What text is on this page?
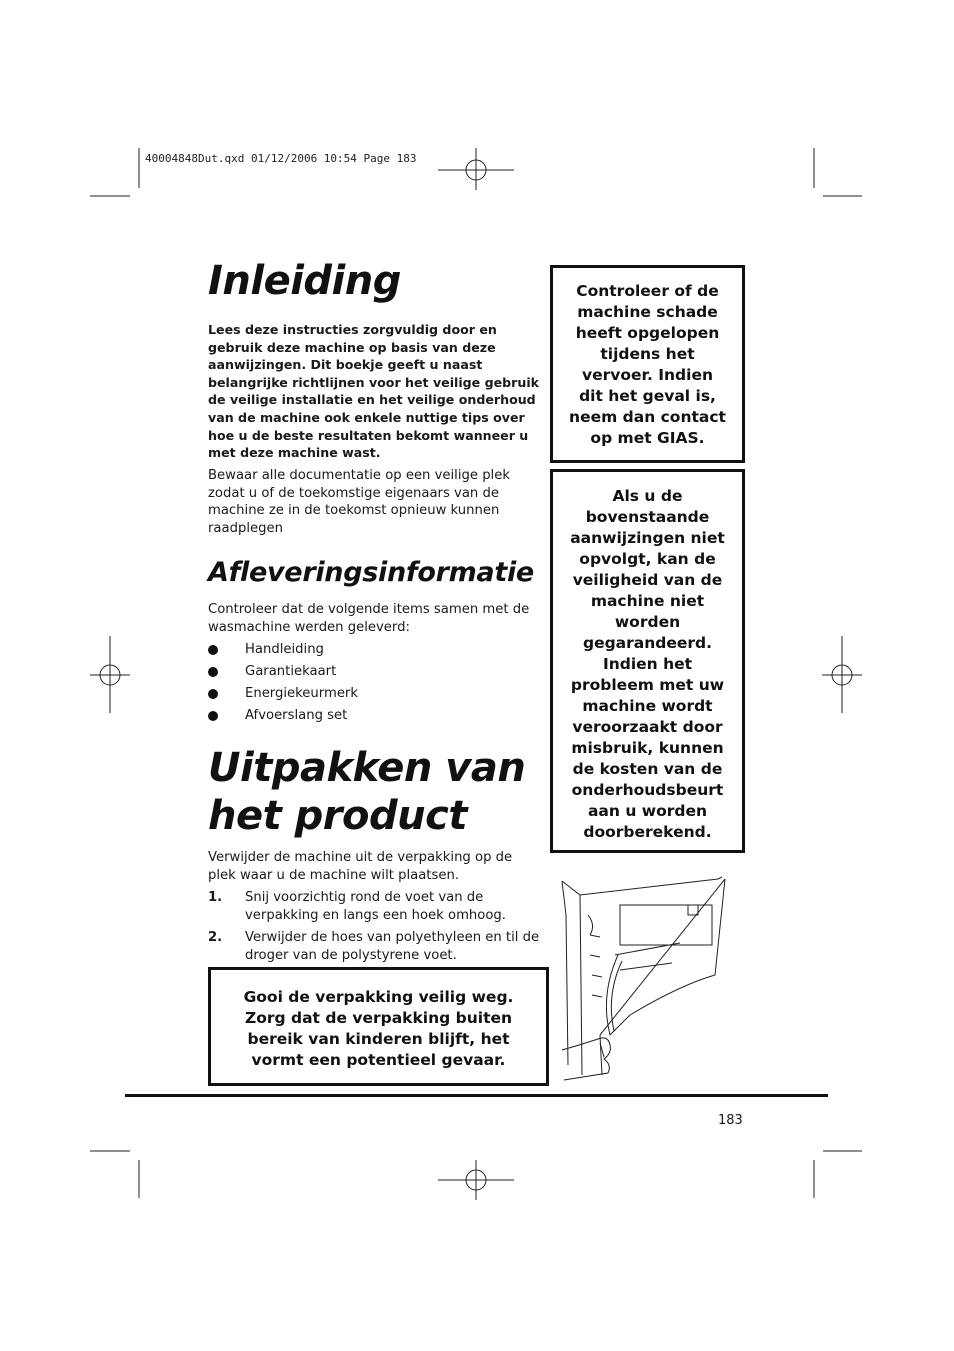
40004848Dut.qxd 01/12/2006 10:54 Page 183
Inleiding

Lees deze instructies zorgvuldig door en gebruik deze machine op basis van deze aanwijzingen. Dit boekje geeft u naast belangrijke richtlijnen voor het veilige gebruik de veilige installatie en het veilige onderhoud van de machine ook enkele nuttige tips over hoe u de beste resultaten bekomt wanneer u met deze machine wast.

Bewaar alle documentatie op een veilige plek zodat u of de toekomstige eigenaars van de machine ze in de toekomst opnieuw kunnen raadplegen

Afleveringsinformatie

Controleer dat de volgende items samen met de wasmachine werden geleverd:

Handleiding
Garantiekaart
Energiekeurmerk
Afvoerslang set
Uitpakken van
het product

Verwijder de machine uit de verpakking op de plek waar u de machine wilt plaatsen.

1.	Snij voorzichtig rond de voet van de verpakking en langs een hoek omhoog.
2.	Verwijder de hoes van polyethyleen en til de droger van de polystyrene voet.
Gooi de verpakking veilig weg. Zorg dat de verpakking buiten bereik van kinderen blijft, het vormt een potentieel gevaar.
Controleer of de machine schade heeft opgelopen tijdens het vervoer. Indien dit het geval is, neem dan contact op met GIAS.
Als u de bovenstaande aanwijzingen niet opvolgt, kan de veiligheid van de machine niet worden gegarandeerd. Indien het probleem met uw machine wordt veroorzaakt door misbruik, kunnen de kosten van de onderhoudsbeurt aan u worden doorberekend.
183
